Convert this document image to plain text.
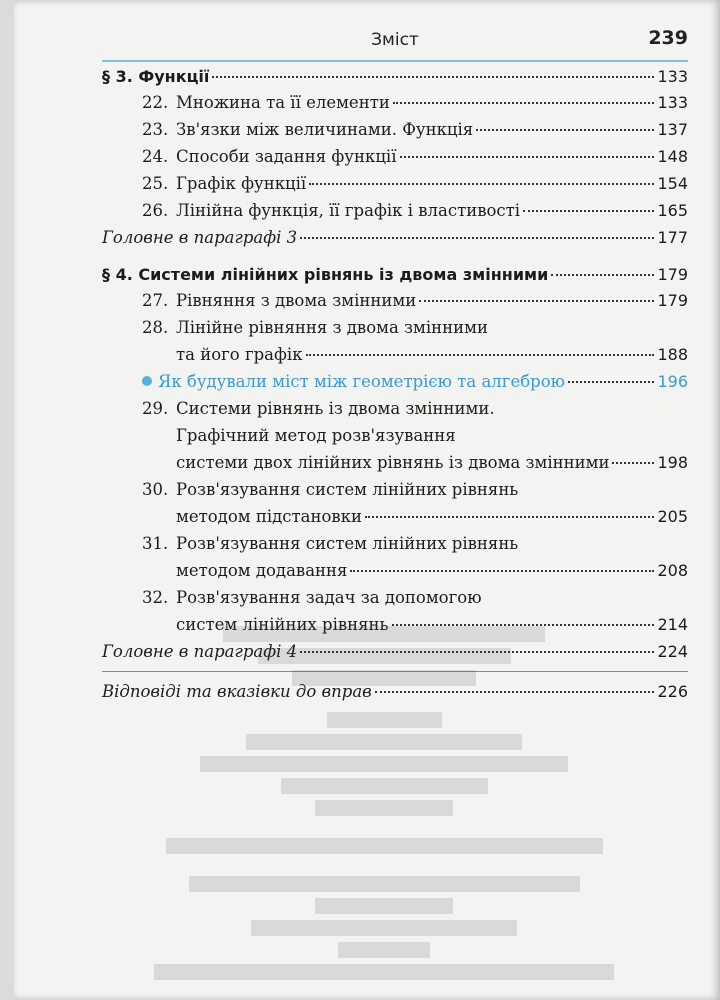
Зміст	239
§ 3. Функції	133
22. Множина та її елементи	133
23. Зв'язки між величинами. Функція	137
24. Способи задання функції	148
25. Графік функції	154
26. Лінійна функція, її графік і властивості	165
Головне в параграфі 3	177
§ 4. Системи лінійних рівнянь із двома змінними	179
27. Рівняння з двома змінними	179
28. Лінійне рівняння з двома змінними
та його графік	188
Як будували міст між геометрією та алгеброю	196
29. Системи рівнянь із двома змінними.
Графічний метод розв'язування
системи двох лінійних рівнянь із двома змінними	198
30. Розв'язування систем лінійних рівнянь
методом підстановки	205
31. Розв'язування систем лінійних рівнянь
методом додавання	208
32. Розв'язування задач за допомогою
систем лінійних рівнянь	214
Головне в параграфі 4	224
Відповіді та вказівки до вправ	226
